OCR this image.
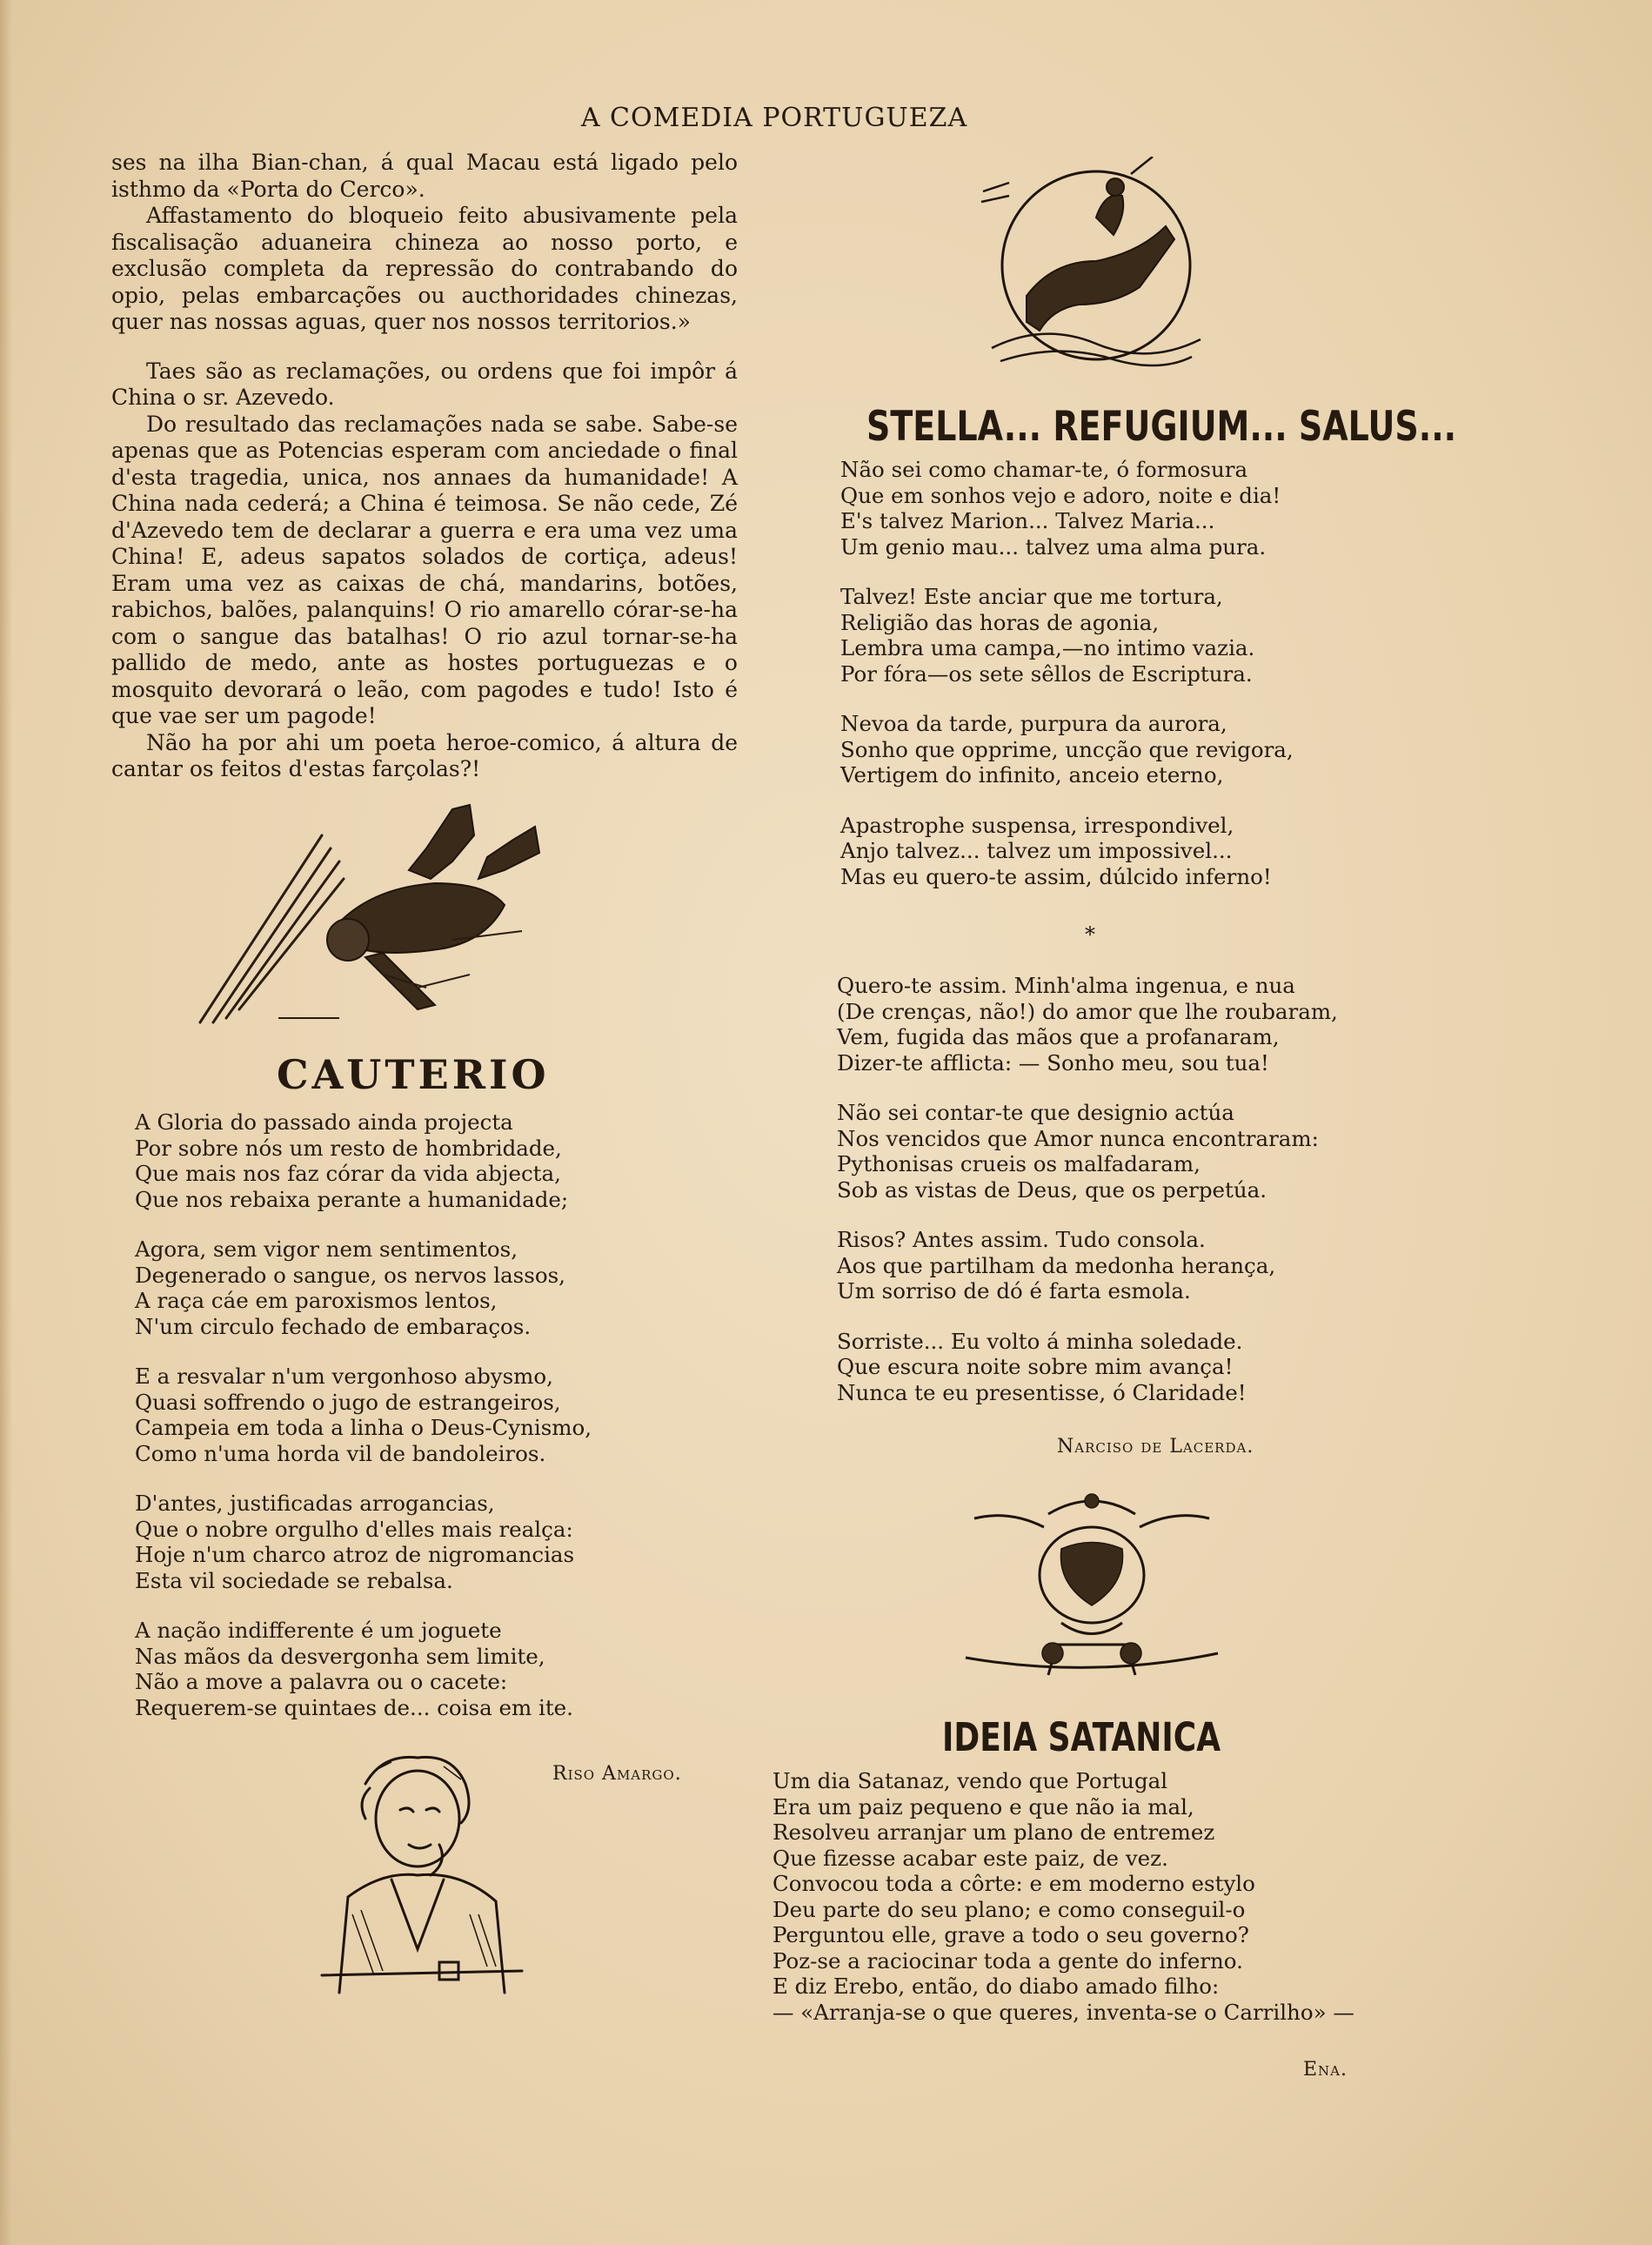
A COMEDIA PORTUGUEZA

ses na ilha Bian-chan, á qual Macau está ligado pelo isthmo da «Porta do Cerco».

Affastamento do bloqueio feito abusivamente pela fiscalisação aduaneira chineza ao nosso porto, e exclusão completa da repressão do contrabando do opio, pelas embarcações ou aucthoridades chinezas, quer nas nossas aguas, quer nos nossos territorios.»

Taes são as reclamações, ou ordens que foi impôr á China o sr. Azevedo.

Do resultado das reclamações nada se sabe. Sabe-se apenas que as Potencias esperam com anciedade o final d'esta tragedia, unica, nos annaes da humanidade! A China nada cederá; a China é teimosa. Se não cede, Zé d'Azevedo tem de declarar a guerra e era uma vez uma China! E, adeus sapatos solados de cortiça, adeus! Eram uma vez as caixas de chá, mandarins, botões, rabichos, balões, palanquins! O rio amarello córar-se-ha com o sangue das batalhas! O rio azul tornar-se-ha pallido de medo, ante as hostes portuguezas e o mosquito devorará o leão, com pagodes e tudo! Isto é que vae ser um pagode!

Não ha por ahi um poeta heroe-comico, á altura de cantar os feitos d'estas farçolas?!

CAUTERIO
A Gloria do passado ainda projecta
Por sobre nós um resto de hombridade,
Que mais nos faz córar da vida abjecta,
Que nos rebaixa perante a humanidade;
Agora, sem vigor nem sentimentos,
Degenerado o sangue, os nervos lassos,
A raça cáe em paroxismos lentos,
N'um circulo fechado de embaraços.
E a resvalar n'um vergonhoso abysmo,
Quasi soffrendo o jugo de estrangeiros,
Campeia em toda a linha o Deus-Cynismo,
Como n'uma horda vil de bandoleiros.
D'antes, justificadas arrogancias,
Que o nobre orgulho d'elles mais realça:
Hoje n'um charco atroz de nigromancias
Esta vil sociedade se rebalsa.
A nação indifferente é um joguete
Nas mãos da desvergonha sem limite,
Não a move a palavra ou o cacete:
Requerem-se quintaes de... coisa em ite.
Riso Amargo.
STELLA... REFUGIUM... SALUS...
Não sei como chamar-te, ó formosura
Que em sonhos vejo e adoro, noite e dia!
E's talvez Marion... Talvez Maria...
Um genio mau... talvez uma alma pura.
Talvez! Este anciar que me tortura,
Religião das horas de agonia,
Lembra uma campa,—no intimo vazia.
Por fóra—os sete sêllos de Escriptura.
Nevoa da tarde, purpura da aurora,
Sonho que opprime, uncção que revigora,
Vertigem do infinito, anceio eterno,
Apastrophe suspensa, irrespondivel,
Anjo talvez... talvez um impossivel...
Mas eu quero-te assim, dúlcido inferno!
*
Quero-te assim. Minh'alma ingenua, e nua
(De crenças, não!) do amor que lhe roubaram,
Vem, fugida das mãos que a profanaram,
Dizer-te afflicta: — Sonho meu, sou tua!
Não sei contar-te que designio actúa
Nos vencidos que Amor nunca encontraram:
Pythonisas crueis os malfadaram,
Sob as vistas de Deus, que os perpetúa.
Risos? Antes assim. Tudo consola.
Aos que partilham da medonha herança,
Um sorriso de dó é farta esmola.
Sorriste... Eu volto á minha soledade.
Que escura noite sobre mim avança!
Nunca te eu presentisse, ó Claridade!
Narciso de Lacerda.
IDEIA SATANICA
Um dia Satanaz, vendo que Portugal
Era um paiz pequeno e que não ia mal,
Resolveu arranjar um plano de entremez
Que fizesse acabar este paiz, de vez.
Convocou toda a côrte: e em moderno estylo
Deu parte do seu plano; e como conseguil-o
Perguntou elle, grave a todo o seu governo?
Poz-se a raciocinar toda a gente do inferno.
E diz Erebo, então, do diabo amado filho:
— «Arranja-se o que queres, inventa-se o Carrilho» —
Ena.
